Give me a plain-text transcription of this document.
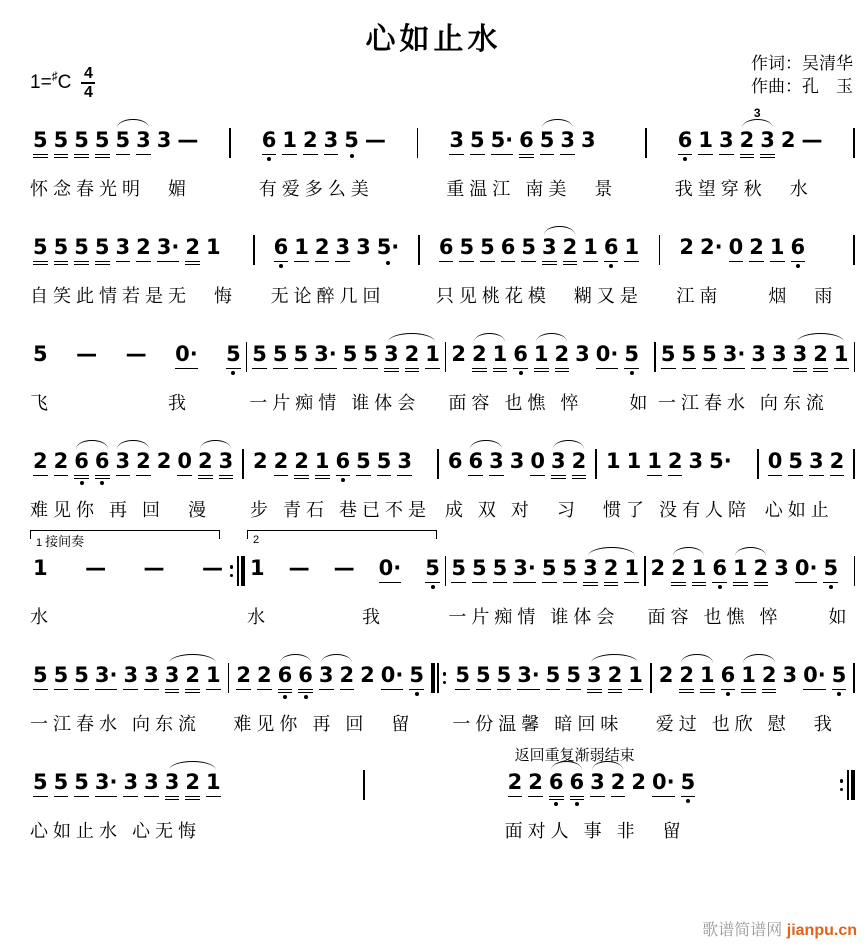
心如止水
作词：吴清华
作曲：孔　玉
1= ♯ C $\frac{4}{4}$
5 5 5 5 5 3 3 —
怀念春光明　媚
6 1 2 3 5 —
有爱多么美
3 5 5· 6 5 3 3
重温江 南美　景
6 1 3
3
2 3 2 —
我望穿秋　水
5 5 5 5 3 2 3· 2 1
自笑此情若是无　悔
6 1 2 3 3 5·
无论醉几回
6 5 5 6 5 3 2 1 6 1
只见桃花模　糊又是
2 2· 0 2 1 6
江南　　烟　雨
5 — — 0· 5
飞　　　　　我
5 5 5 3· 5 5 3 2 1
一片痴情 谁体会
2 2 1 6 1 2 3 0· 5
面容 也憔 悴　　如
5 5 5 3· 3 3 3 2 1
一江春水 向东流
2 2 6 6 3 2 2 0 2 3
难见你 再 回　漫
2 2 2 1 6 5 5 3
步 青石 巷已不是
6 6 3 3 0 3 2
成 双 对　习
1 1 1 2 3 5·
惯了 没有人陪
0 5 3 2
心如止
1 接间奏
1 — — —
水
2
1 — — 0· 5
水　　　　我
5 5 5 3· 5 5 3 2 1
一片痴情 谁体会
2 2 1 6 1 2 3 0· 5
面容 也憔 悴　　如
5 5 5 3· 3 3 3 2 1
一江春水 向东流
2 2 6 6 3 2 2 0· 5
难见你 再 回　留
5 5 5 3· 5 5 3 2 1
一份温馨 暗回味
2 2 1 6 1 2 3 0· 5
爱过 也欣 慰　我
5 5 5 3· 3 3 3 2 1
心如止水 心无悔
返回重复渐弱结束
2 2 6 6 3 2 2 0· 5
面对人 事 非　留
歌谱简谱网 jianpu.cn
